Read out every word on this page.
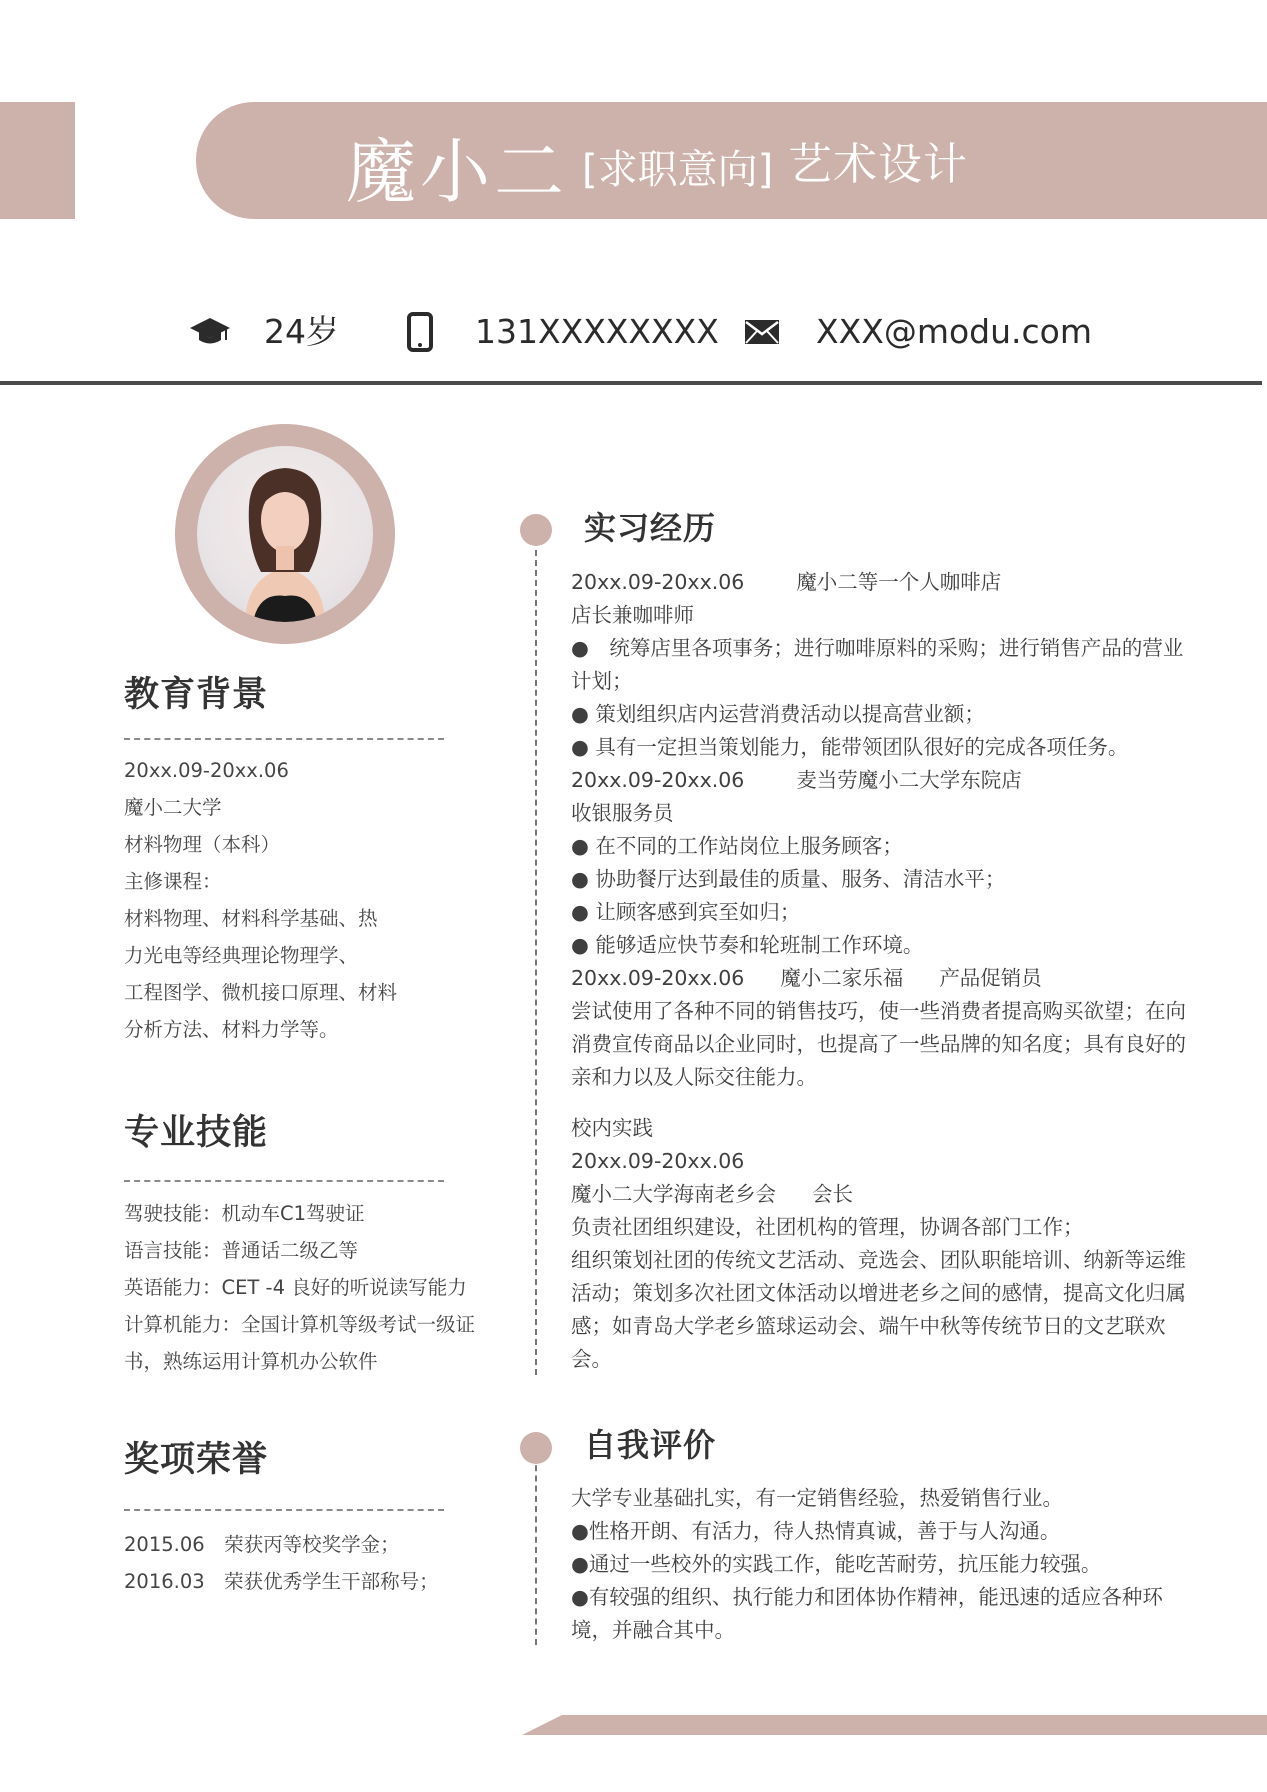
魔小二 [求职意向] 艺术设计
24岁	131XXXXXXXX	XXX@modu.com
教育背景
20xx.09-20xx.06
魔小二大学
材料物理（本科）
主修课程：
材料物理、材料科学基础、热
力光电等经典理论物理学、
工程图学、微机接口原理、材料
分析方法、材料力学等。
专业技能
驾驶技能：机动车C1驾驶证
语言技能：普通话二级乙等
英语能力：CET -4 良好的听说读写能力
计算机能力：全国计算机等级考试一级证
书，熟练运用计算机办公软件
奖项荣誉
2015.06　荣获丙等校奖学金；
2016.03　荣获优秀学生干部称号；
实习经历
20xx.09-20xx.06	魔小二等一个人咖啡店
店长兼咖啡师
●　统筹店里各项事务；进行咖啡原料的采购；进行销售产品的营业计划；
● 策划组织店内运营消费活动以提高营业额；
● 具有一定担当策划能力，能带领团队很好的完成各项任务。
20xx.09-20xx.06	麦当劳魔小二大学东院店
收银服务员
● 在不同的工作站岗位上服务顾客；
● 协助餐厅达到最佳的质量、服务、清洁水平；
● 让顾客感到宾至如归；
● 能够适应快节奏和轮班制工作环境。
20xx.09-20xx.06 魔小二家乐福 产品促销员
尝试使用了各种不同的销售技巧，使一些消费者提高购买欲望；在向消费宣传商品以企业同时，也提高了一些品牌的知名度；具有良好的亲和力以及人际交往能力。
校内实践
20xx.09-20xx.06
魔小二大学海南老乡会 会长
负责社团组织建设，社团机构的管理，协调各部门工作；
组织策划社团的传统文艺活动、竞选会、团队职能培训、纳新等运维活动；策划多次社团文体活动以增进老乡之间的感情，提高文化归属感；如青岛大学老乡篮球运动会、端午中秋等传统节日的文艺联欢会。
自我评价
大学专业基础扎实，有一定销售经验，热爱销售行业。
●性格开朗、有活力，待人热情真诚，善于与人沟通。
●通过一些校外的实践工作，能吃苦耐劳，抗压能力较强。
●有较强的组织、执行能力和团体协作精神，能迅速的适应各种环境，并融合其中。
